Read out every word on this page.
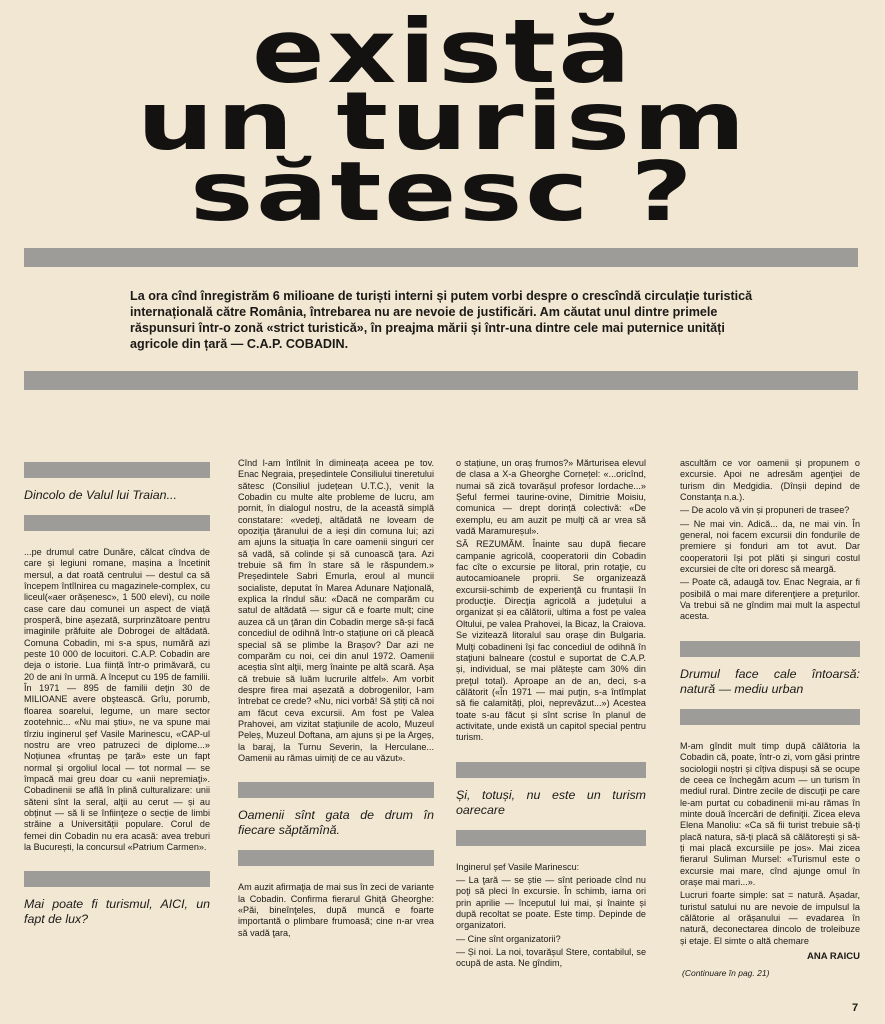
există
un turism
sătesc ?
La ora cînd înregistrăm 6 milioane de turiști interni și putem vorbi despre o crescîndă circulație turistică internațională către România, întrebarea nu are nevoie de justificări. Am căutat unul dintre primele răspunsuri într-o zonă «strict turistică», în preajma mării și într-una dintre cele mai puternice unități agricole din țară — C.A.P. COBADIN.
Dincolo de Valul lui Traian...

...pe drumul catre Dunăre, călcat cîndva de care și legiuni romane, mașina a încetinit mersul, a dat roată centrului — destul ca să începem întîlnirea cu magazinele-complex, cu liceul(«aer orășenesc», 1 500 elevi), cu noile case care dau comunei un aspect de viață prosperă, bine așezată, surprinzătoare pentru imaginile prăfuite ale Dobrogei de altădată. Comuna Cobadin, mi s-a spus, numără azi peste 10 000 de locuitori. C.A.P. Cobadin are deja o istorie. Lua ființă într-o primăvară, cu 20 de ani în urmă. A început cu 195 de familii. În 1971 — 895 de familii deţin 30 de MILIOANE avere obştească. Grîu, porumb, floarea soarelui, legume, un mare sector zootehnic... «Nu mai știu», ne va spune mai tîrziu inginerul șef Vasile Marinescu, «CAP-ul nostru are vreo patruzeci de diplome...» Noțiunea «fruntaș pe țară» este un fapt normal și orgoliul local — tot normal — se împacă mai greu doar cu «anii nepremiaţi». Cobadinenii se află în plină culturalizare: unii săteni sînt la seral, alţii au cerut — și au obținut — să li se înfiinţeze o secție de limbi străine a Universității populare. Corul de femei din Cobadin nu era acasă: avea treburi la București, la concursul «Patrium Carmen».

Mai poate fi turismul, AICI, un fapt de lux?

Cînd l-am întîlnit în dimineața aceea pe tov. Enac Negraia, președintele Consiliului tineretului sătesc (Consiliul județean U.T.C.), venit la Cobadin cu multe alte probleme de lucru, am pornit, în dialogul nostru, de la această simplă constatare: «vedeţi, altădată ne loveam de opoziţia ţăranului de a ieși din comuna lui; azi am ajuns la situaţia în care oamenii singuri cer să vadă, să colinde și să cunoască ţara. Azi trebuie să fim în stare să le răspundem.» Președintele Sabri Emurla, eroul al muncii socialiste, deputat în Marea Adunare Naţională, explica la rîndul său: «Dacă ne comparăm cu satul de altădată — sigur că e foarte mult; cine auzea că un ţăran din Cobadin merge să-și facă concediul de odihnă într-o stațiune ori că pleacă special să se plimbe la Brașov? Dar azi ne comparăm cu noi, cei din anul 1972. Oamenii aceștia sînt alţii, merg înainte pe altă scară. Așa că trebuie să luăm lucrurile altfel». Am vorbit despre firea mai așezată a dobrogenilor, l-am întrebat ce crede? «Nu, nici vorbă! Să știți că noi am făcut ceva excursii. Am fost pe Valea Prahovei, am vizitat staţiunile de acolo, Muzeul Peleș, Muzeul Doftana, am ajuns și pe la Argeș, la baraj, la Turnu Severin, la Herculane... Oamenii au rămas uimiţi de ce au văzut».

Oamenii sînt gata de drum în fiecare săptămînă.

Am auzit afirmaţia de mai sus în zeci de variante la Cobadin. Confirma fierarul Ghiță Gheorghe: «Păi, bineînţeles, după muncă e foarte importantă o plimbare frumoasă; cine n-ar vrea să vadă ţara,

o stațiune, un oraș frumos?» Mărturisea elevul de clasa a X-a Gheorghe Cornețel: «...oricînd, numai să zică tovarășul profesor Iordache...» Șeful fermei taurine-ovine, Dimitrie Moisiu, comunica — drept dorință colectivă: «De exemplu, eu am auzit pe mulţi că ar vrea să vadă Maramureșul».

SĂ REZUMĂM. Înainte sau după fiecare campanie agricolă, cooperatorii din Cobadin fac cîte o excursie pe litoral, prin rotaţie, cu autocamioanele proprii. Se organizează excursii-schimb de experienţă cu fruntașii în producţie. Direcţia agricolă a județului a organizat și ea călătorii, ultima a fost pe valea Oltului, pe valea Prahovei, la Bicaz, la Craiova. Se vizitează litoralul sau orașe din Bulgaria. Mulţi cobadineni își fac concediul de odihnă în staţiuni balneare (costul e suportat de C.A.P. și, individual, se mai plătește cam 30% din preţul total). Aproape an de an, deci, s-a călătorit («În 1971 — mai puţin, s-a întîmplat să fie calamități, ploi, neprevăzut...») Acestea toate s-au făcut și sînt scrise în planul de activitate, unde există un capitol special pentru turism.

Și, totuși, nu este un turism oarecare

Inginerul șef Vasile Marinescu:

— La ţară — se știe — sînt perioade cînd nu poţi să pleci în excursie. În schimb, iarna ori prin aprilie — începutul lui mai, și înainte și după recoltat se poate. Este timp. Depinde de organizatori.

— Cine sînt organizatorii?

— Și noi. La noi, tovarășul Stere, contabilul, se ocupă de asta. Ne gîndim,

ascultăm ce vor oamenii și propunem o excursie. Apoi ne adresăm agenţiei de turism din Medgidia. (Dînșii depind de Constanţa n.a.).

— De acolo vă vin și propuneri de trasee?

— Ne mai vin. Adică... da, ne mai vin. În general, noi facem excursii din fondurile de premiere și fonduri am tot avut. Dar cooperatorii își pot plăti și singuri costul excursiei de cîte ori doresc să meargă.

— Poate că, adaugă tov. Enac Negraia, ar fi posibilă o mai mare diferenţiere a preţurilor. Va trebui să ne gîndim mai mult la aspectul acesta.

Drumul face cale întoarsă: natură — mediu urban

M-am gîndit mult timp după călătoria la Cobadin că, poate, într-o zi, vom găsi printre sociologii noștri și cîțiva dispuși să se ocupe de ceea ce închegăm acum — un turism în mediul rural. Dintre zecile de discuţii pe care le-am purtat cu cobadinenii mi-au rămas în minte două încercări de definiţii. Zicea eleva Elena Manoliu: «Ca să fii turist trebuie să-ți placă natura, să-ți placă să călătorești și să-ți mai placă excursiile pe jos». Mai zicea fierarul Suliman Mursel: «Turismul este o excursie mai mare, cînd ajunge omul în orașe mai mari...».

Lucruri foarte simple: sat = natură. Așadar, turistul satului nu are nevoie de impulsul la călătorie al orășanului — evadarea în natură, deconectarea dincolo de troleibuze și etaje. El simte o altă chemare

ANA RAICU
(Continuare în pag. 21)
7
